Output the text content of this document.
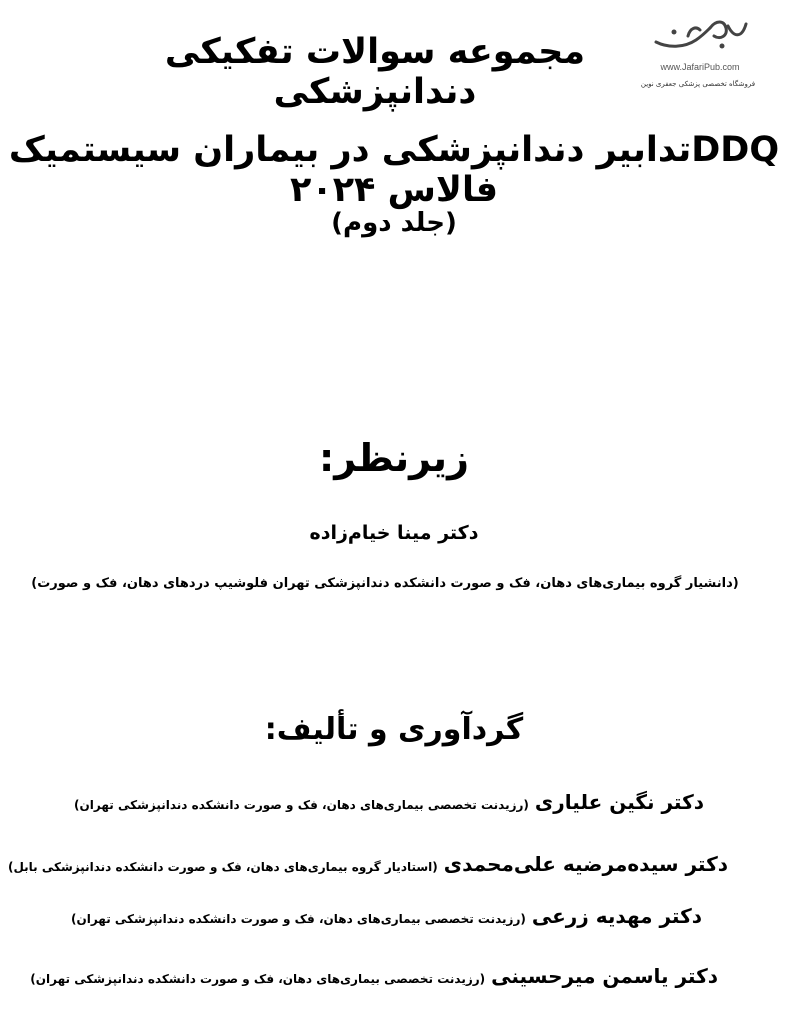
www.JafariPub.com
فروشگاه تخصصی پزشکی جعفری نوین
مجموعه سوالات تفکیکی دندانپزشکی
DDQتدابیر دندانپزشکی در بیماران سیستمیک فالاس ۲۰۲۴
(جلد دوم)
زیرنظر:
دکتر مینا خیام‌زاده
(دانشیار گروه بیماری‌های دهان، فک و صورت دانشکده دندانپزشکی تهران فلوشیپ دردهای دهان، فک و صورت)
گردآوری و تألیف:
دکتر نگین علیاری(رزیدنت تخصصی بیماری‌های دهان، فک و صورت دانشکده دندانپزشکی تهران)
دکتر سیده‌مرضیه علی‌محمدی(استادیار گروه بیماری‌های دهان، فک و صورت دانشکده دندانپزشکی بابل)
دکتر مهدیه زرعی(رزیدنت تخصصی بیماری‌های دهان، فک و صورت دانشکده دندانپزشکی تهران)
دکتر یاسمن میرحسینی(رزیدنت تخصصی بیماری‌های دهان، فک و صورت دانشکده دندانپزشکی تهران)
